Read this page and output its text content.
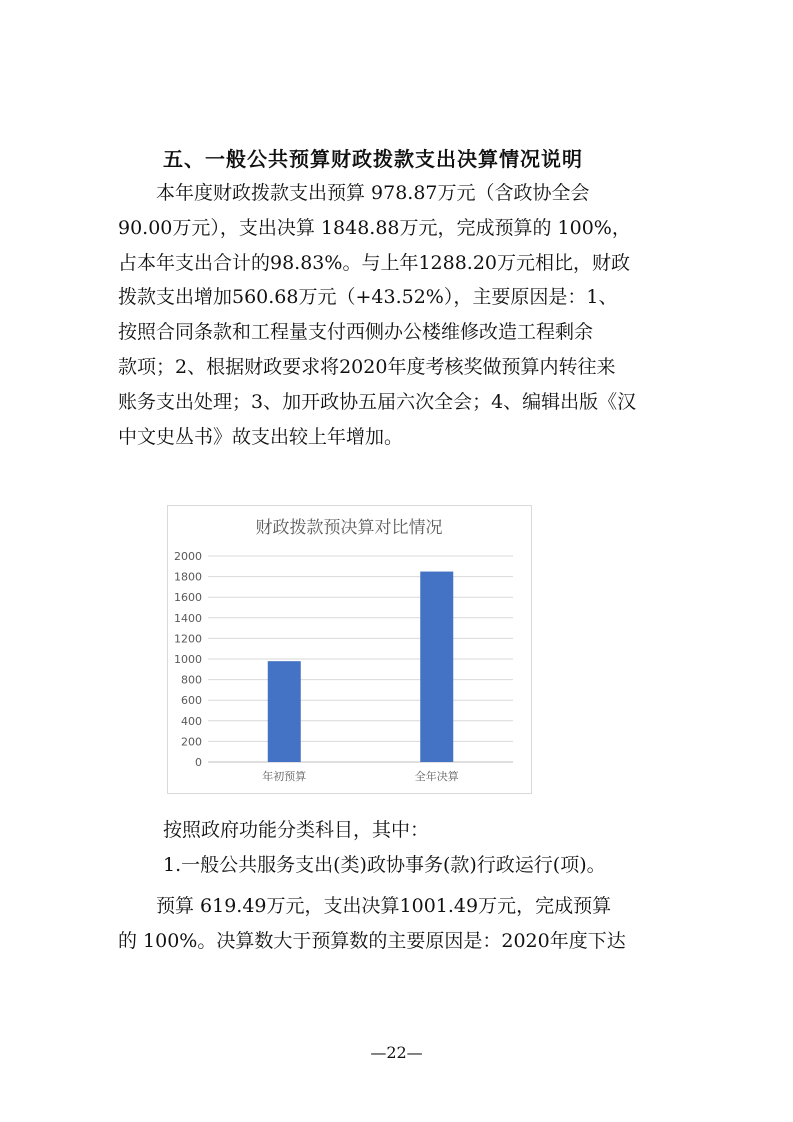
五、一般公共预算财政拨款支出决算情况说明
本年度财政拨款支出预算 978.87万元（含政协全会
90.00万元），支出决算 1848.88万元，完成预算的 100%，
占本年支出合计的98.83%。与上年1288.20万元相比，财政
拨款支出增加560.68万元（+43.52%），主要原因是：1、
按照合同条款和工程量支付西侧办公楼维修改造工程剩余
款项；2、根据财政要求将2020年度考核奖做预算内转往来
账务支出处理；3、加开政协五届六次全会；4、编辑出版《汉
中文史丛书》故支出较上年增加。
财政拨款预决算对比情况
0
200
400
600
800
1000
1200
1400
1600
1800
2000
年初预算	全年决算
按照政府功能分类科目，其中：
1.一般公共服务支出(类)政协事务(款)行政运行(项)。
预算 619.49万元，支出决算1001.49万元，完成预算
的 100%。决算数大于预算数的主要原因是：2020年度下达
—22—
